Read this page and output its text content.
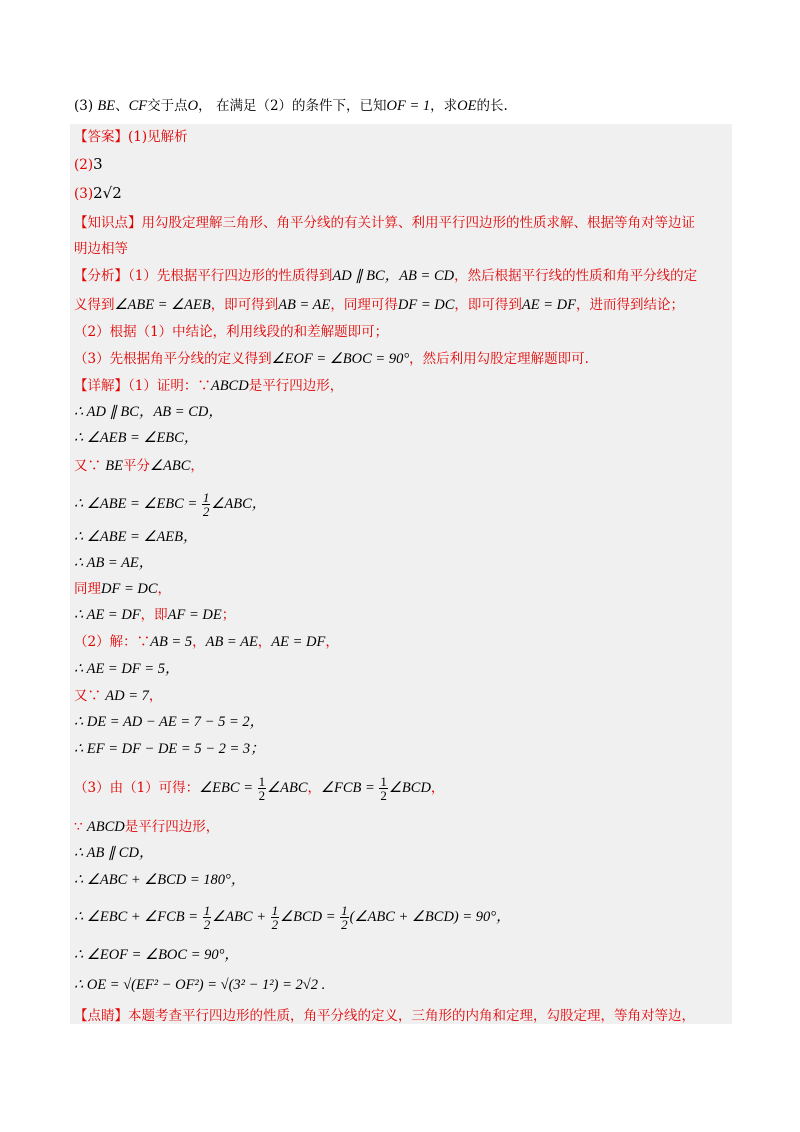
(3) BE、CF交于点O， 在满足（2）的条件下，已知OF = 1，求OE的长.
【答案】(1)见解析
(2)3
(3)2√2
【知识点】用勾股定理解三角形、角平分线的有关计算、利用平行四边形的性质求解、根据等角对等边证
明边相等
【分析】（1）先根据平行四边形的性质得到AD ∥ BC，AB = CD，然后根据平行线的性质和角平分线的定
义得到∠ABE = ∠AEB，即可得到AB = AE，同理可得DF = DC，即可得到AE = DF，进而得到结论；
（2）根据（1）中结论，利用线段的和差解题即可；
（3）先根据角平分线的定义得到∠EOF = ∠BOC = 90°，然后利用勾股定理解题即可.
【详解】（1）证明：∵ABCD是平行四边形，
∴ AD ∥ BC，AB = CD，
∴ ∠AEB = ∠EBC，
又∵ BE平分∠ABC，
∴ ∠ABE = ∠EBC = $\frac{1}{2}$ ∠ABC，
∴ ∠ABE = ∠AEB，
∴ AB = AE，
同理DF = DC，
∴ AE = DF，即AF = DE；
（2）解：∵AB = 5，AB = AE，AE = DF，
∴ AE = DF = 5，
又∵ AD = 7，
∴ DE = AD − AE = 7 − 5 = 2，
∴ EF = DF − DE = 5 − 2 = 3；
（3）由（1）可得：∠EBC = $\frac{1}{2}$ ∠ABC，∠FCB = $\frac{1}{2}$ ∠BCD，
∵ ABCD是平行四边形，
∴ AB ∥ CD，
∴ ∠ABC + ∠BCD = 180°，
∴ ∠EBC + ∠FCB = $\frac{1}{2}$ ∠ABC + $\frac{1}{2}$ ∠BCD = $\frac{1}{2}$ (∠ABC + ∠BCD) = 90°，
∴ ∠EOF = ∠BOC = 90°，
∴ OE = √(EF² − OF²) = √(3² − 1²) = 2√2 .
【点睛】本题考查平行四边形的性质，角平分线的定义，三角形的内角和定理，勾股定理，等角对等边，
